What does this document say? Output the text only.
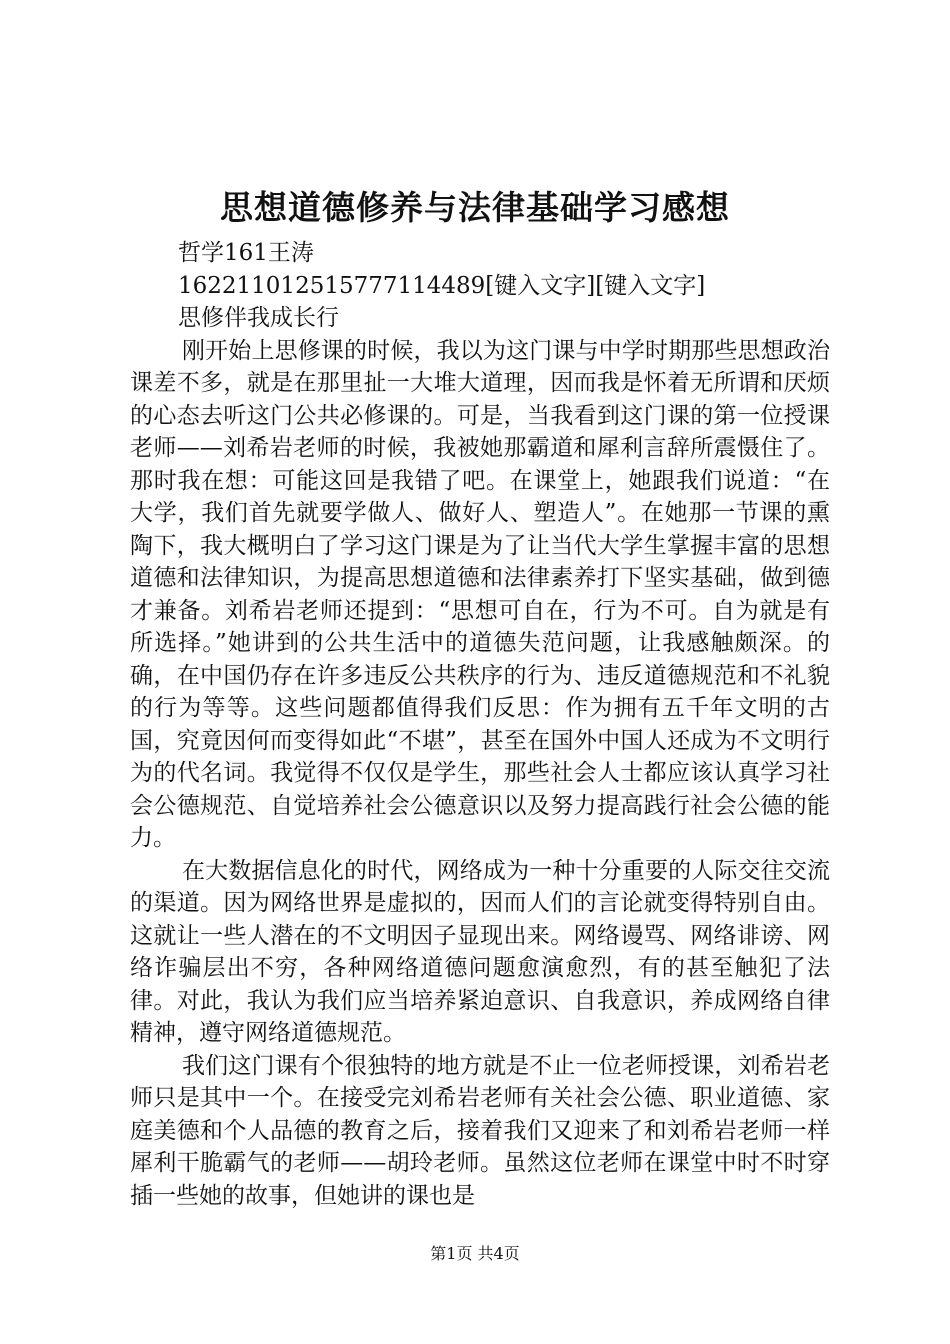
思想道德修养与法律基础学习感想

哲学161王涛

162211012515777114489[键入文字][键入文字]

思修伴我成长行

刚开始上思修课的时候，我以为这门课与中学时期那些思想政治课差不多，就是在那里扯一大堆大道理，因而我是怀着无所谓和厌烦的心态去听这门公共必修课的。可是，当我看到这门课的第一位授课老师——刘希岩老师的时候，我被她那霸道和犀利言辞所震慑住了。那时我在想：可能这回是我错了吧。在课堂上，她跟我们说道：“在大学，我们首先就要学做人、做好人、塑造人”。在她那一节课的熏陶下，我大概明白了学习这门课是为了让当代大学生掌握丰富的思想道德和法律知识，为提高思想道德和法律素养打下坚实基础，做到德才兼备。刘希岩老师还提到：“思想可自在，行为不可。自为就是有所选择。”她讲到的公共生活中的道德失范问题，让我感触颇深。的确，在中国仍存在许多违反公共秩序的行为、违反道德规范和不礼貌的行为等等。这些问题都值得我们反思：作为拥有五千年文明的古国，究竟因何而变得如此“不堪”，甚至在国外中国人还成为不文明行为的代名词。我觉得不仅仅是学生，那些社会人士都应该认真学习社会公德规范、自觉培养社会公德意识以及努力提高践行社会公德的能力。

在大数据信息化的时代，网络成为一种十分重要的人际交往交流的渠道。因为网络世界是虚拟的，因而人们的言论就变得特别自由。这就让一些人潜在的不文明因子显现出来。网络谩骂、网络诽谤、网络诈骗层出不穷，各种网络道德问题愈演愈烈，有的甚至触犯了法律。对此，我认为我们应当培养紧迫意识、自我意识，养成网络自律精神，遵守网络道德规范。

我们这门课有个很独特的地方就是不止一位老师授课，刘希岩老师只是其中一个。在接受完刘希岩老师有关社会公德、职业道德、家庭美德和个人品德的教育之后，接着我们又迎来了和刘希岩老师一样犀利干脆霸气的老师——胡玲老师。虽然这位老师在课堂中时不时穿插一些她的故事，但她讲的课也是

第1页 共4页
